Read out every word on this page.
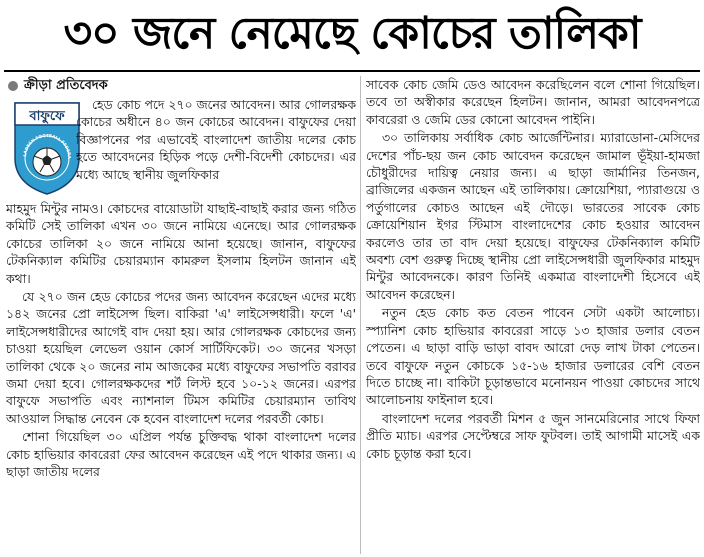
৩০ জনে নেমেছে কোচের তালিকা
ক্রীড়া প্রতিবেদক
বাফুফে
LADESH FOOTBALL FEDERA

হেড কোচ পদে ২৭০ জনের আবেদন। আর গোলরক্ষক কোচের অধীনে ৪০ জন কোচের আবেদন। বাফুফের দেয়া বিজ্ঞাপনের পর এভাবেই বাংলাদেশ জাতীয় দলের কোচ হতে আবেদনের হিড়িক পড়ে দেশী-বিদেশী কোচদের। এর মধ্যে আছে স্থানীয় জুলফিকার

মাহমুদ মিন্টুর নামও। কোচদের বায়োডাটা যাছাই-বাছাই করার জন্য গঠিত কমিটি সেই তালিকা এখন ৩০ জনে নামিয়ে এনেছে। আর গোলরক্ষক কোচের তালিকা ২০ জনে নামিয়ে আনা হয়েছে। জানান, বাফুফের টেকনিক্যাল কমিটির চেয়ারম্যান কামরুল ইসলাম হিলটন জানান এই কথা।

যে ২৭০ জন হেড কোচের পদের জন্য আবেদন করেছেন এদের মধ্যে ১৪২ জনের প্রো লাইসেন্স ছিল। বাকিরা 'এ' লাইসেন্সধারী। ফলে 'এ' লাইসেন্সধারীদের আগেই বাদ দেয়া হয়। আর গোলরক্ষক কোচদের জন্য চাওয়া হয়েছিল লেভেল ওয়ান কোর্স সার্টিফিকেট। ৩০ জনের খসড়া তালিকা থেকে ২০ জনের নাম আজকের মধ্যে বাফুফের সভাপতি বরাবর জমা দেয়া হবে। গোলরক্ষকদের শর্ট লিস্ট হবে ১০-১২ জনের। এরপর বাফুফে সভাপতি এবং ন্যাশনাল টিমস কমিটির চেয়ারম্যান তাবিথ আওয়াল সিদ্ধান্ত নেবেন কে হবেন বাংলাদেশ দলের পরবর্তী কোচ।

শোনা গিয়েছিল ৩০ এপ্রিল পর্যন্ত চুক্তিবদ্ধ থাকা বাংলাদেশ দলের কোচ হাভিয়ার কাবরেরা ফের আবেদন করেছেন এই পদে থাকার জন্য। এ ছাড়া জাতীয় দলের

সাবেক কোচ জেমি ডেও আবেদন করেছিলেন বলে শোনা গিয়েছিল। তবে তা অস্বীকার করেছেন হিলটন। জানান, আমরা আবেদনপত্রে কাবরেরা ও জেমি ডের কোনো আবেদন পাইনি।

৩০ তালিকায় সর্বাধিক কোচ আর্জেন্টিনার। ম্যারাডোনা-মেসিদের দেশের পাঁচ-ছয় জন কোচ আবেদন করেছেন জামাল ভূঁইয়া-হামজা চৌধুরীদের দায়িত্ব নেয়ার জন্য। এ ছাড়া জার্মানির তিনজন, ব্রাজিলের একজন আছেন এই তালিকায়। ক্রোয়েশিয়া, প্যারাগুয়ে ও পর্তুগালের কোচও আছেন এই দৌড়ে। ভারতের সাবেক কোচ ক্রোয়েশিয়ান ইগর স্টিমাস বাংলাদেশের কোচ হওয়ার আবেদন করলেও তার তা বাদ দেয়া হয়েছে। বাফুফের টেকনিক্যাল কমিটি অবশ্য বেশ গুরুত্ব দিচ্ছে স্থানীয় প্রো লাইসেন্সধারী জুলফিকার মাহমুদ মিন্টুর আবেদনকে। কারণ তিনিই একমাত্র বাংলাদেশী হিসেবে এই আবেদন করেছেন।

নতুন হেড কোচ কত বেতন পাবেন সেটা একটা আলোচ্য। স্প্যানিশ কোচ হাভিয়ার কাবরেরা সাড়ে ১৩ হাজার ডলার বেতন পেতেন। এ ছাড়া বাড়ি ভাড়া বাবদ আরো দেড় লাখ টাকা পেতেন। তবে বাফুফে নতুন কোচকে ১৫-১৬ হাজার ডলারের বেশি বেতন দিতে চাচ্ছে না। বাকিটা চূড়ান্তভাবে মনোনয়ন পাওয়া কোচদের সাথে আলোচনায় ফাইনাল হবে।

বাংলাদেশ দলের পরবর্তী মিশন ৫ জুন সানমেরিনোর সাথে ফিফা প্রীতি ম্যাচ। এরপর সেপ্টেম্বরে সাফ ফুটবল। তাই আগামী মাসেই এক কোচ চূড়ান্ত করা হবে।
